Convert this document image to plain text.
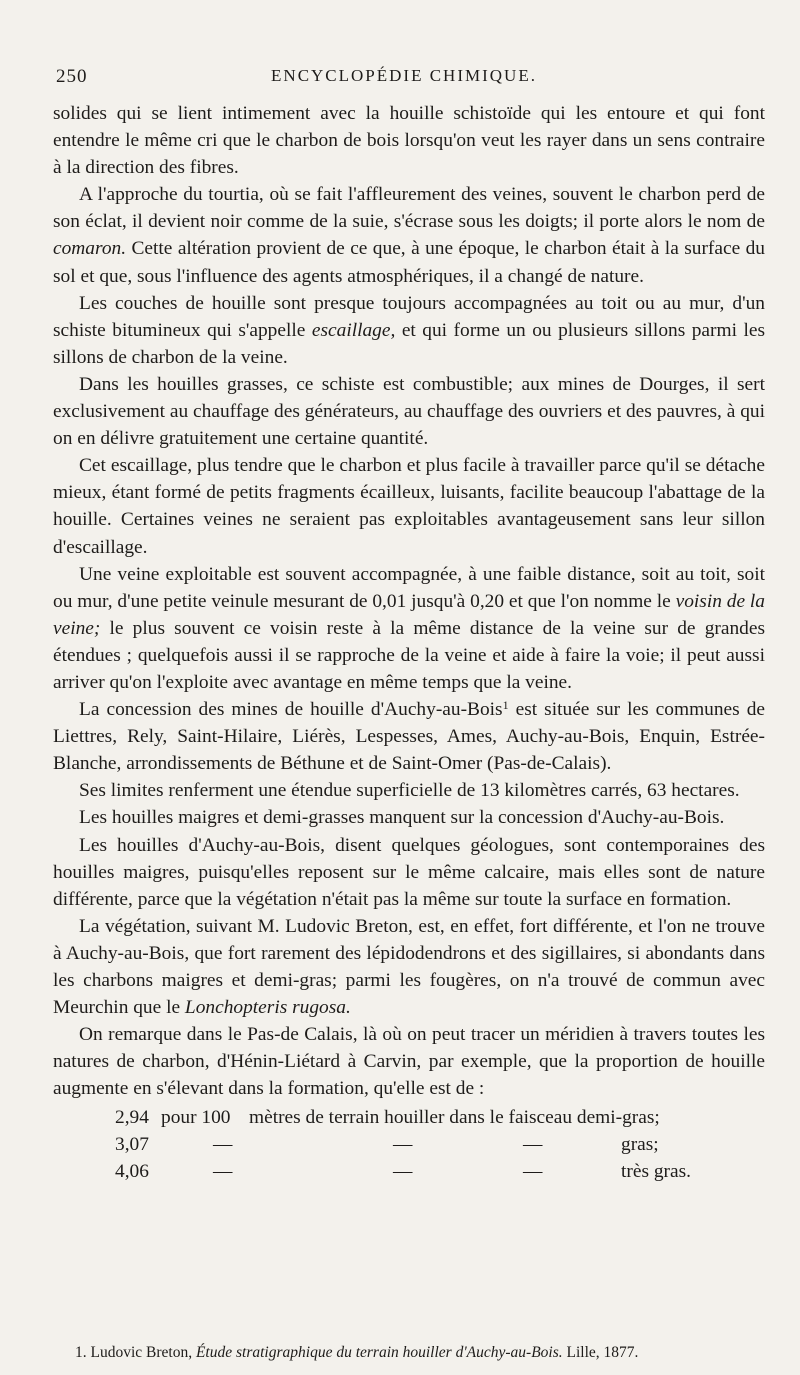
250	ENCYCLOPÉDIE CHIMIQUE.

solides qui se lient intimement avec la houille schistoïde qui les entoure et qui font entendre le même cri que le charbon de bois lorsqu'on veut les rayer dans un sens contraire à la direction des fibres.

A l'approche du tourtia, où se fait l'affleurement des veines, souvent le charbon perd de son éclat, il devient noir comme de la suie, s'écrase sous les doigts; il porte alors le nom de comaron. Cette altération provient de ce que, à une époque, le charbon était à la surface du sol et que, sous l'influence des agents atmosphériques, il a changé de nature.

Les couches de houille sont presque toujours accompagnées au toit ou au mur, d'un schiste bitumineux qui s'appelle escaillage, et qui forme un ou plusieurs sillons parmi les sillons de charbon de la veine.

Dans les houilles grasses, ce schiste est combustible; aux mines de Dourges, il sert exclusivement au chauffage des générateurs, au chauffage des ouvriers et des pauvres, à qui on en délivre gratuitement une certaine quantité.

Cet escaillage, plus tendre que le charbon et plus facile à travailler parce qu'il se détache mieux, étant formé de petits fragments écailleux, luisants, facilite beaucoup l'abattage de la houille. Certaines veines ne seraient pas exploitables avantageusement sans leur sillon d'escaillage.

Une veine exploitable est souvent accompagnée, à une faible distance, soit au toit, soit ou mur, d'une petite veinule mesurant de 0,01 jusqu'à 0,20 et que l'on nomme le voisin de la veine; le plus souvent ce voisin reste à la même distance de la veine sur de grandes étendues ; quelquefois aussi il se rapproche de la veine et aide à faire la voie; il peut aussi arriver qu'on l'exploite avec avantage en même temps que la veine.

La concession des mines de houille d'Auchy-au-Bois$^1$ est située sur les communes de Liettres, Rely, Saint-Hilaire, Liérès, Lespesses, Ames, Auchy-au-Bois, Enquin, Estrée-Blanche, arrondissements de Béthune et de Saint-Omer (Pas-de-Calais).

Ses limites renferment une étendue superficielle de 13 kilomètres carrés, 63 hectares.

Les houilles maigres et demi-grasses manquent sur la concession d'Auchy-au-Bois.

Les houilles d'Auchy-au-Bois, disent quelques géologues, sont contemporaines des houilles maigres, puisqu'elles reposent sur le même calcaire, mais elles sont de nature différente, parce que la végétation n'était pas la même sur toute la surface en formation.

La végétation, suivant M. Ludovic Breton, est, en effet, fort différente, et l'on ne trouve à Auchy-au-Bois, que fort rarement des lépidodendrons et des sigillaires, si abondants dans les charbons maigres et demi-gras; parmi les fougères, on n'a trouvé de commun avec Meurchin que le Lonchopteris rugosa.

On remarque dans le Pas-de Calais, là où on peut tracer un méridien à travers toutes les natures de charbon, d'Hénin-Liétard à Carvin, par exemple, que la proportion de houille augmente en s'élevant dans la formation, qu'elle est de :

2,94 pour 100 mètres de terrain houiller dans le faisceau demi-gras;
3,07	—	—	—	gras;
4,06	—	—	—	très gras.
1. Ludovic Breton, Étude stratigraphique du terrain houiller d'Auchy-au-Bois. Lille, 1877.
